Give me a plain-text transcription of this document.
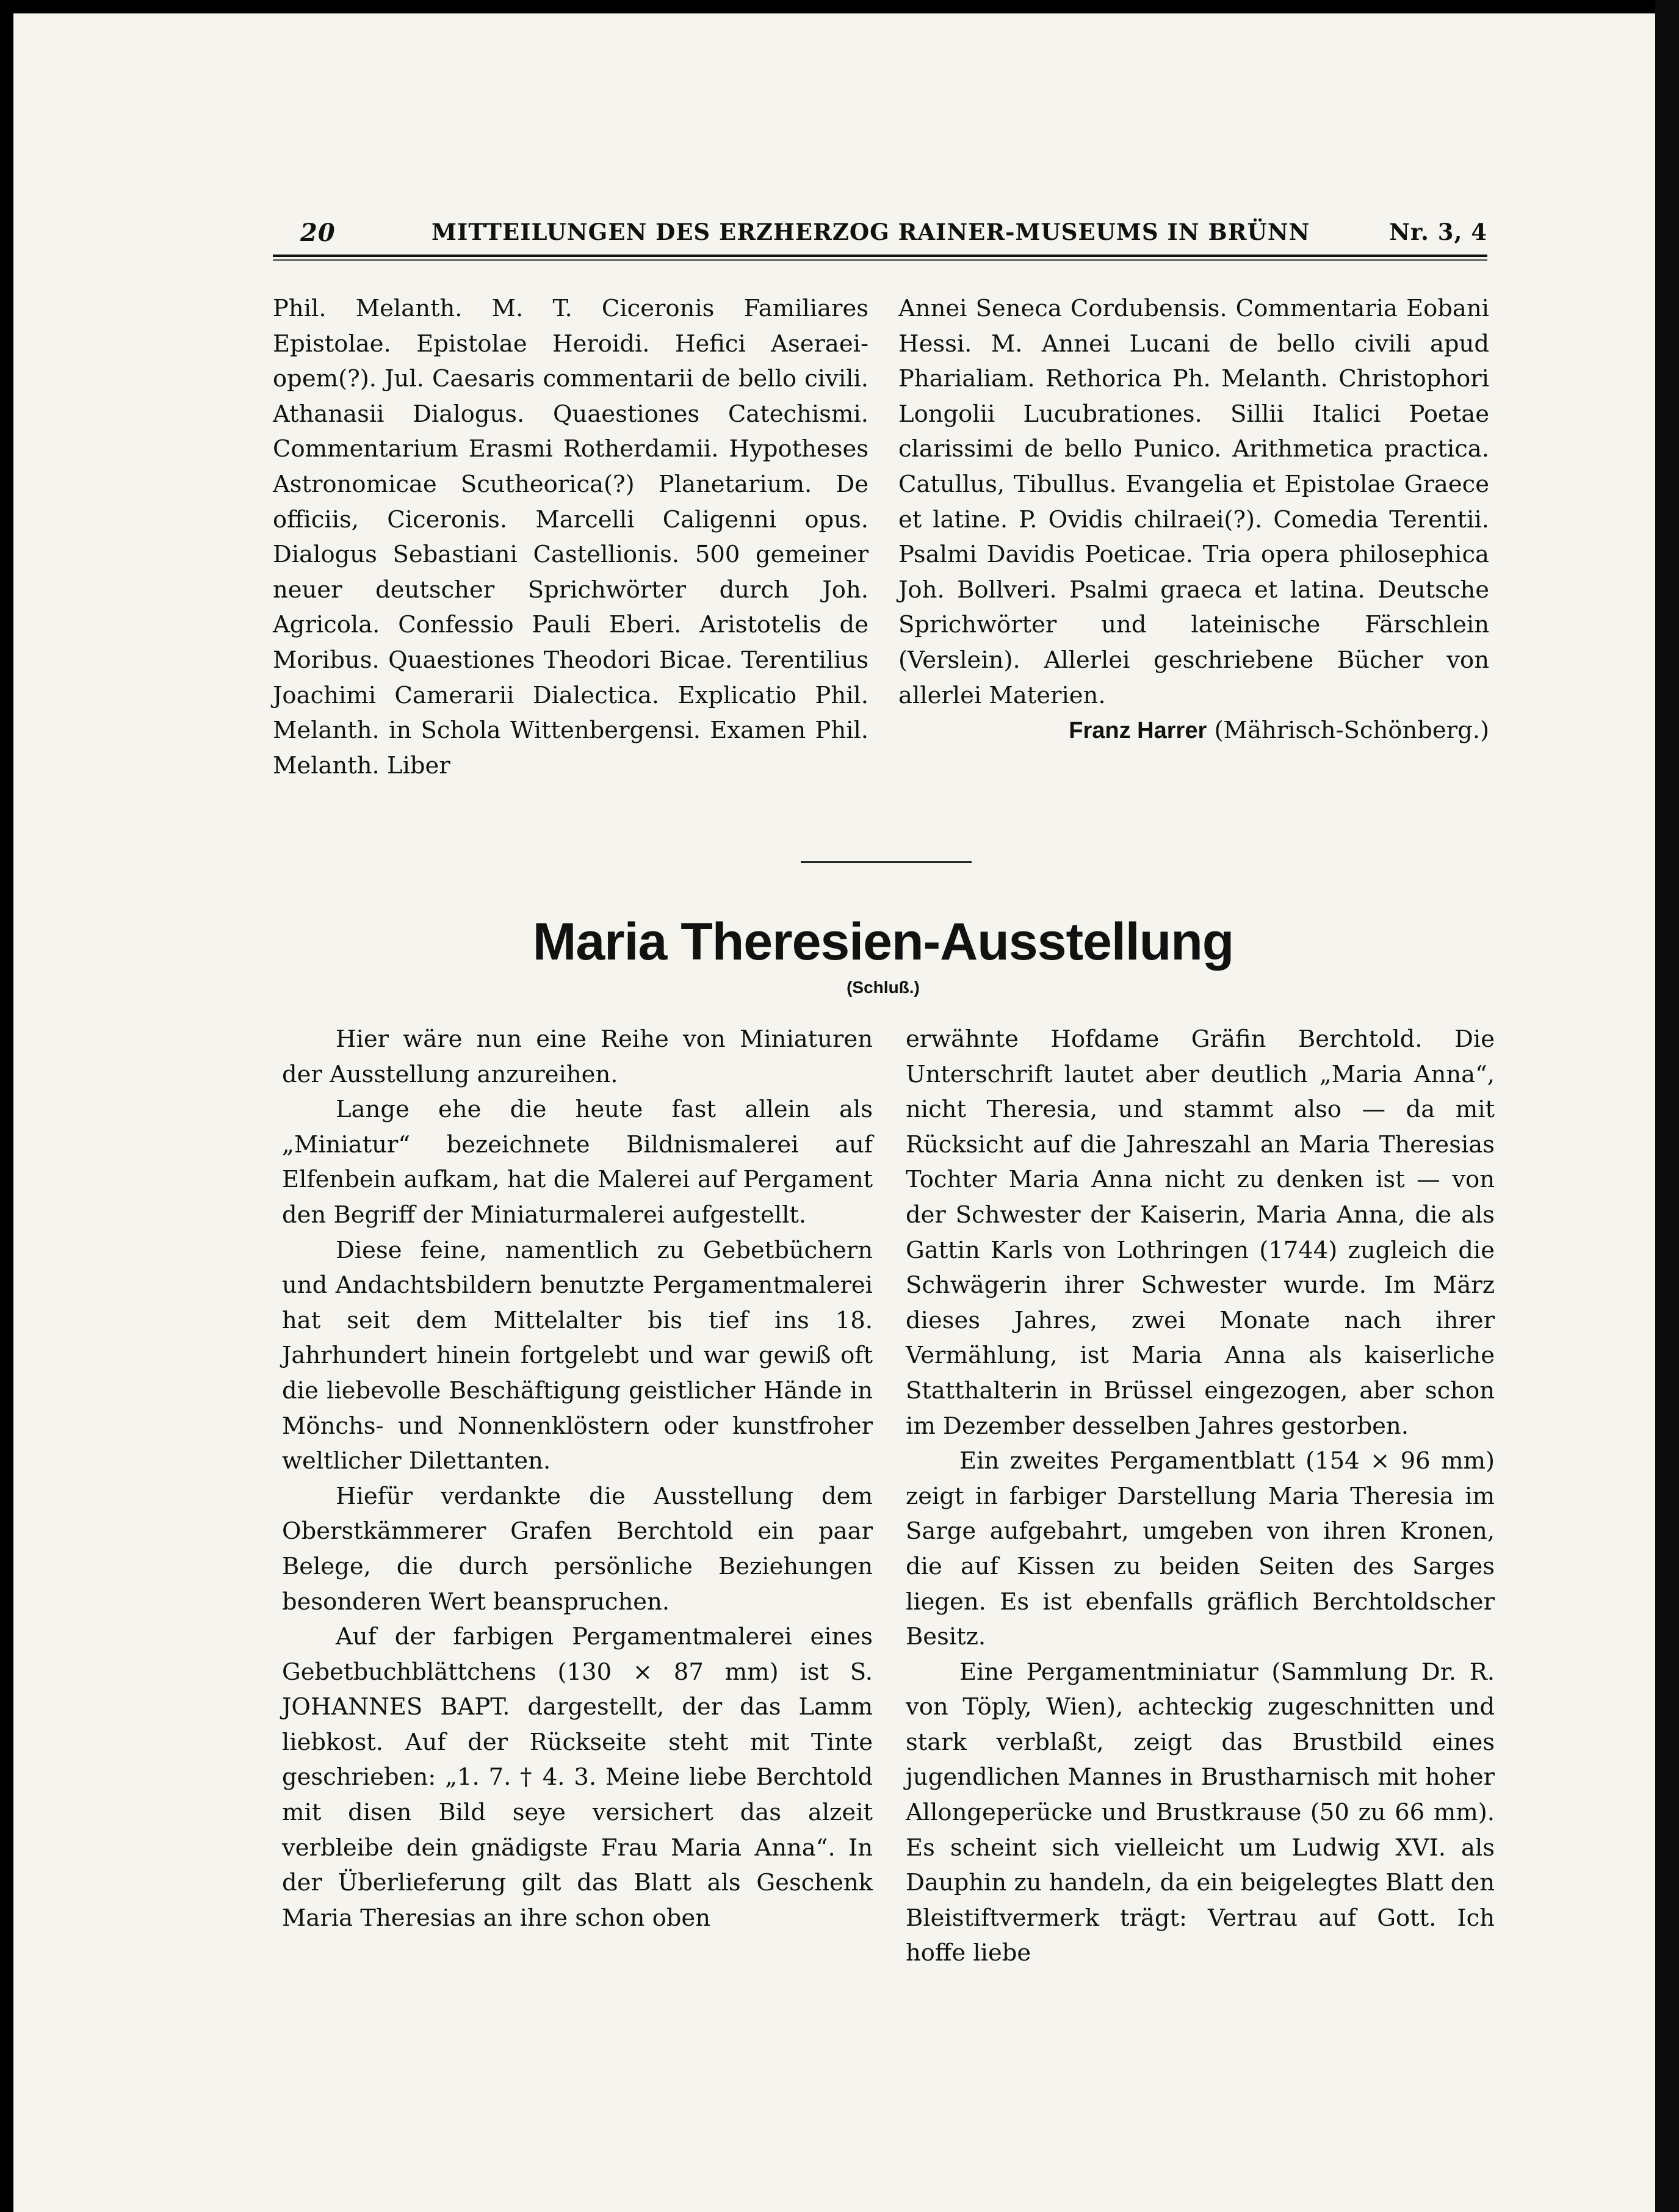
20	MITTEILUNGEN DES ERZHERZOG RAINER-MUSEUMS IN BRÜNN	Nr. 3, 4

Phil. Melanth. M. T. Ciceronis Familiares Epistolae. Epistolae Heroidi. Hefici Aseraeiopem(?). Jul. Caesaris commentarii de bello civili. Athanasii Dialogus. Quaestiones Catechismi. Commentarium Erasmi Rotherdamii. Hypotheses Astronomicae Scutheorica(?) Planetarium. De officiis, Ciceronis. Marcelli Caligenni opus. Dialogus Sebastiani Castellionis. 500 gemeiner neuer deutscher Sprichwörter durch Joh. Agricola. Confessio Pauli Eberi. Aristotelis de Moribus. Quaestiones Theodori Bicae. Terentilius Joachimi Camerarii Dialectica. Explicatio Phil. Melanth. in Schola Wittenbergensi. Examen Phil. Melanth. Liber

Annei Seneca Cordubensis. Commentaria Eobani Hessi. M. Annei Lucani de bello civili apud Pharialiam. Rethorica Ph. Melanth. Christophori Longolii Lucubrationes. Sillii Italici Poetae clarissimi de bello Punico. Arithmetica practica. Catullus, Tibullus. Evangelia et Epistolae Graece et latine. P. Ovidis chilraei(?). Comedia Terentii. Psalmi Davidis Poeticae. Tria opera philosephica Joh. Bollveri. Psalmi graeca et latina. Deutsche Sprichwörter und lateinische Färschlein (Verslein). Allerlei geschriebene Bücher von allerlei Materien.

Franz Harrer (Mährisch-Schönberg.)

Maria Theresien-Ausstellung
(Schluß.)

Hier wäre nun eine Reihe von Miniaturen der Ausstellung anzureihen.

Lange ehe die heute fast allein als „Miniatur“ bezeichnete Bildnismalerei auf Elfenbein aufkam, hat die Malerei auf Pergament den Begriff der Miniaturmalerei aufgestellt.

Diese feine, namentlich zu Gebetbüchern und Andachtsbildern benutzte Pergamentmalerei hat seit dem Mittelalter bis tief ins 18. Jahrhundert hinein fortgelebt und war gewiß oft die liebevolle Beschäftigung geistlicher Hände in Mönchs- und Nonnenklöstern oder kunstfroher weltlicher Dilettanten.

Hiefür verdankte die Ausstellung dem Oberstkämmerer Grafen Berchtold ein paar Belege, die durch persönliche Beziehungen besonderen Wert beanspruchen.

Auf der farbigen Pergamentmalerei eines Gebetbuchblättchens (130 × 87 mm) ist S. JOHANNES BAPT. dargestellt, der das Lamm liebkost. Auf der Rückseite steht mit Tinte geschrieben: „1. 7. † 4. 3. Meine liebe Berchtold mit disen Bild seye versichert das alzeit verbleibe dein gnädigste Frau Maria Anna“. In der Überlieferung gilt das Blatt als Geschenk Maria Theresias an ihre schon oben

erwähnte Hofdame Gräfin Berchtold. Die Unterschrift lautet aber deutlich „Maria Anna“, nicht Theresia, und stammt also — da mit Rücksicht auf die Jahreszahl an Maria Theresias Tochter Maria Anna nicht zu denken ist — von der Schwester der Kaiserin, Maria Anna, die als Gattin Karls von Lothringen (1744) zugleich die Schwägerin ihrer Schwester wurde. Im März dieses Jahres, zwei Monate nach ihrer Vermählung, ist Maria Anna als kaiserliche Statthalterin in Brüssel eingezogen, aber schon im Dezember desselben Jahres gestorben.

Ein zweites Pergamentblatt (154 × 96 mm) zeigt in farbiger Darstellung Maria Theresia im Sarge aufgebahrt, umgeben von ihren Kronen, die auf Kissen zu beiden Seiten des Sarges liegen. Es ist ebenfalls gräflich Berchtoldscher Besitz.

Eine Pergamentminiatur (Sammlung Dr. R. von Töply, Wien), achteckig zugeschnitten und stark verblaßt, zeigt das Brustbild eines jugendlichen Mannes in Brustharnisch mit hoher Allongeperücke und Brustkrause (50 zu 66 mm). Es scheint sich vielleicht um Ludwig XVI. als Dauphin zu handeln, da ein beigelegtes Blatt den Bleistiftvermerk trägt: Vertrau auf Gott. Ich hoffe liebe
